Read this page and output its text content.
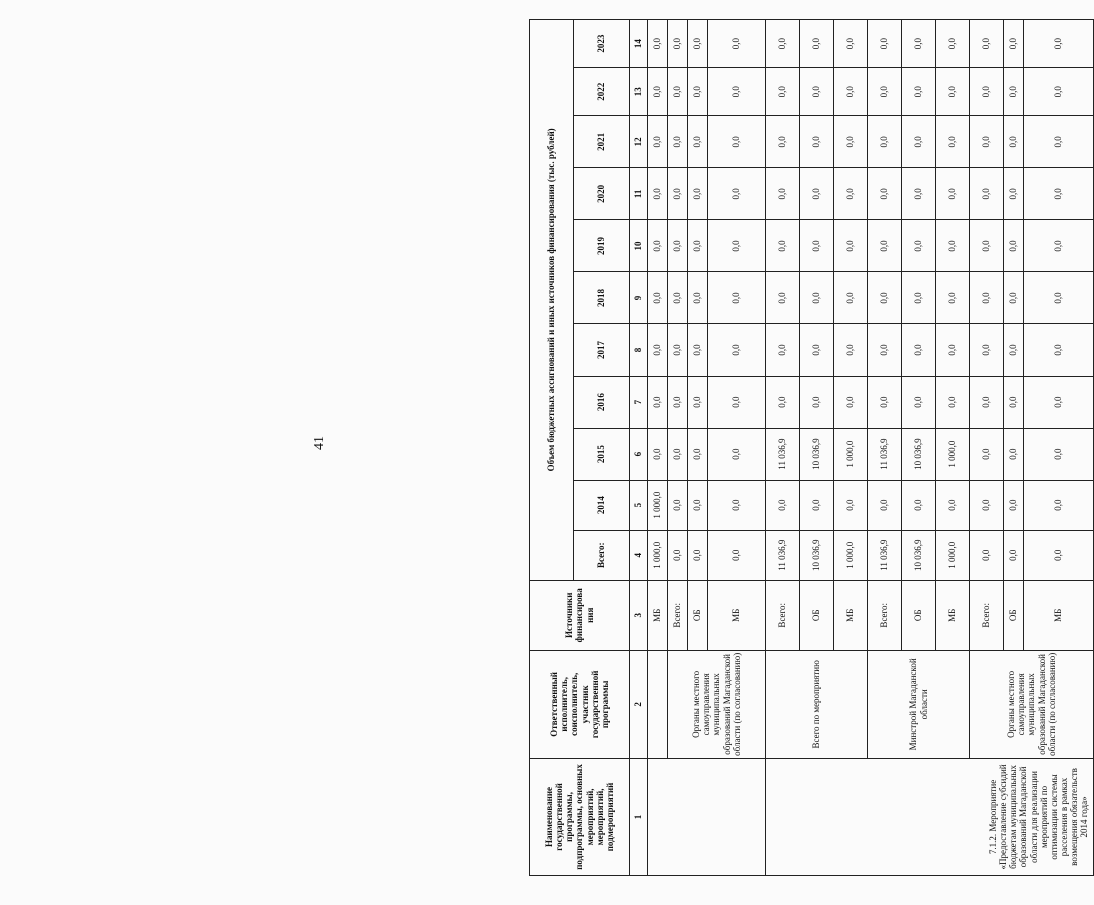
41
Наименование государственной программы, подпрограммы, основных мероприятий, мероприятий, подмероприятий	Ответственный исполнитель, соисполнитель, участник государственной программы	Источники финансирова ния	Объем бюджетных ассигнований и иных источников финансирования (тыс. рублей)										
			Всего:	2014	2015	2016	2017	2018	2019	2020	2021	2022	2023
1	2	3	4	5	6	7	8	9	10	11	12	13	14
		МБ	1 000,0	1 000,0	0,0	0,0	0,0	0,0	0,0	0,0	0,0	0,0	0,0
	Органы местного самоуправления муниципальных образований Магаданской области (по согласованию)	Всего:	0,0	0,0	0,0	0,0	0,0	0,0	0,0	0,0	0,0	0,0	0,0
		ОБ	0,0	0,0	0,0	0,0	0,0	0,0	0,0	0,0	0,0	0,0	0,0
		МБ	0,0	0,0	0,0	0,0	0,0	0,0	0,0	0,0	0,0	0,0	0,0
7.1.2. Мероприятие «Предоставление субсидий бюджетам муниципальных образований Магаданской области для реализации мероприятий по оптимизации системы расселения в рамках возмещения обязательств 2014 года»	Всего по мероприятию	Всего:	11 036,9	0,0	11 036,9	0,0	0,0	0,0	0,0	0,0	0,0	0,0	0,0
		ОБ	10 036,9	0,0	10 036,9	0,0	0,0	0,0	0,0	0,0	0,0	0,0	0,0
		МБ	1 000,0	0,0	1 000,0	0,0	0,0	0,0	0,0	0,0	0,0	0,0	0,0
	Минстрой Магаданской области	Всего:	11 036,9	0,0	11 036,9	0,0	0,0	0,0	0,0	0,0	0,0	0,0	0,0
		ОБ	10 036,9	0,0	10 036,9	0,0	0,0	0,0	0,0	0,0	0,0	0,0	0,0
		МБ	1 000,0	0,0	1 000,0	0,0	0,0	0,0	0,0	0,0	0,0	0,0	0,0
	Органы местного самоуправления муниципальных образований Магаданской области (по согласованию)	Всего:	0,0	0,0	0,0	0,0	0,0	0,0	0,0	0,0	0,0	0,0	0,0
		ОБ	0,0	0,0	0,0	0,0	0,0	0,0	0,0	0,0	0,0	0,0	0,0
		МБ	0,0	0,0	0,0	0,0	0,0	0,0	0,0	0,0	0,0	0,0	0,0
